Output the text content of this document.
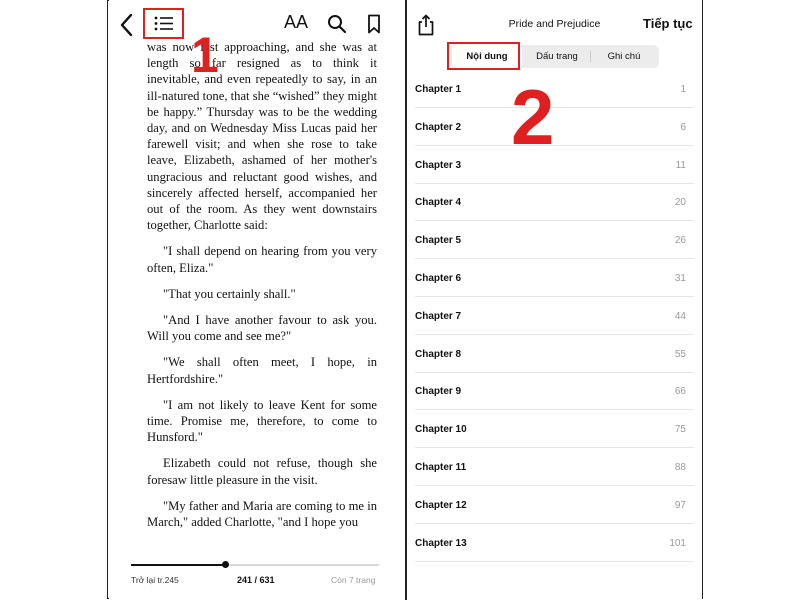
AA

was now fast approaching, and she was at length so far resigned as to think it inevitable, and even repeatedly to say, in an ill-natured tone, that she “wished” they might be happy.” Thursday was to be the wedding day, and on Wednesday Miss Lucas paid her farewell visit; and when she rose to take leave, Elizabeth, ashamed of her mother's ungracious and reluctant good wishes, and sincerely affected herself, accompanied her out of the room. As they went downstairs together, Charlotte said:

"I shall depend on hearing from you very often, Eliza."

"That you certainly shall."

"And I have another favour to ask you. Will you come and see me?"

"We shall often meet, I hope, in Hertfordshire."

"I am not likely to leave Kent for some time. Promise me, therefore, to come to Hunsford."

Elizabeth could not refuse, though she foresaw little pleasure in the visit.

"My father and Maria are coming to me in March," added Charlotte, "and I hope you

1
Trở lại tr.245	241 / 631	Còn 7 trang
Pride and Prejudice	Tiếp tục
Nội dung	Dấu trang	Ghi chú
Chapter 1	1
Chapter 2	6
Chapter 3	11
Chapter 4	20
Chapter 5	26
Chapter 6	31
Chapter 7	44
Chapter 8	55
Chapter 9	66
Chapter 10	75
Chapter 11	88
Chapter 12	97
Chapter 13	101
2
